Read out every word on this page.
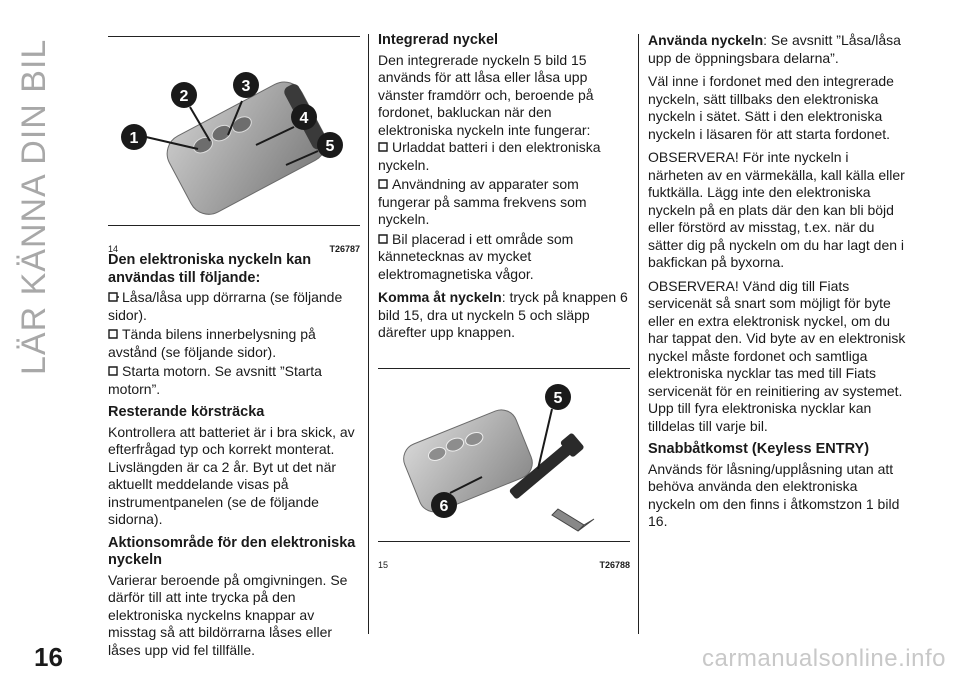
LÄR KÄNNA DIN BIL
16	carmanualsonline.info
1
2
3
4
5
14	T26787
Den elektroniska nyckeln kan användas till följande:
Låsa/låsa upp dörrarna (se följande sidor).
Tända bilens innerbelysning på avstånd (se följande sidor).
Starta motorn. Se avsnitt ”Starta motorn”.
Resterande körsträcka

Kontrollera att batteriet är i bra skick, av efterfrågad typ och korrekt monterat. Livslängden är ca 2 år. Byt ut det när aktuellt meddelande visas på instrumentpanelen (se de följande sidorna).

Aktionsområde för den elektroniska nyckeln

Varierar beroende på omgivningen. Se därför till att inte trycka på den elektroniska nyckelns knappar av misstag så att bildörrarna låses eller låses upp vid fel tillfälle.

Integrerad nyckel

Den integrerade nyckeln 5 bild 15 används för att låsa eller låsa upp vänster framdörr och, beroende på fordonet, bakluckan när den elektroniska nyckeln inte fungerar:

Urladdat batteri i den elektroniska nyckeln.
Användning av apparater som fungerar på samma frekvens som nyckeln.
Bil placerad i ett område som kännetecknas av mycket elektromagnetiska vågor.

Komma åt nyckeln: tryck på knappen 6 bild 15, dra ut nyckeln 5 och släpp därefter upp knappen.

5
6
15	T26788

Använda nyckeln: Se avsnitt ”Låsa/låsa upp de öppningsbara delarna”.

Väl inne i fordonet med den integrerade nyckeln, sätt tillbaks den elektroniska nyckeln i sätet. Sätt i den elektroniska nyckeln i läsaren för att starta fordonet.

OBSERVERA! För inte nyckeln i närheten av en värmekälla, kall källa eller fuktkälla. Lägg inte den elektroniska nyckeln på en plats där den kan bli böjd eller förstörd av misstag, t.ex. när du sätter dig på nyckeln om du har lagt den i bakfickan på byxorna.

OBSERVERA! Vänd dig till Fiats servicenät så snart som möjligt för byte eller en extra elektronisk nyckel, om du har tappat den. Vid byte av en elektronisk nyckel måste fordonet och samtliga elektroniska nycklar tas med till Fiats servicenät för en reinitiering av systemet. Upp till fyra elektroniska nycklar kan tilldelas till varje bil.

Snabbåtkomst (Keyless ENTRY)

Används för låsning/upplåsning utan att behöva använda den elektroniska nyckeln om den finns i åtkomstzon 1 bild 16.
